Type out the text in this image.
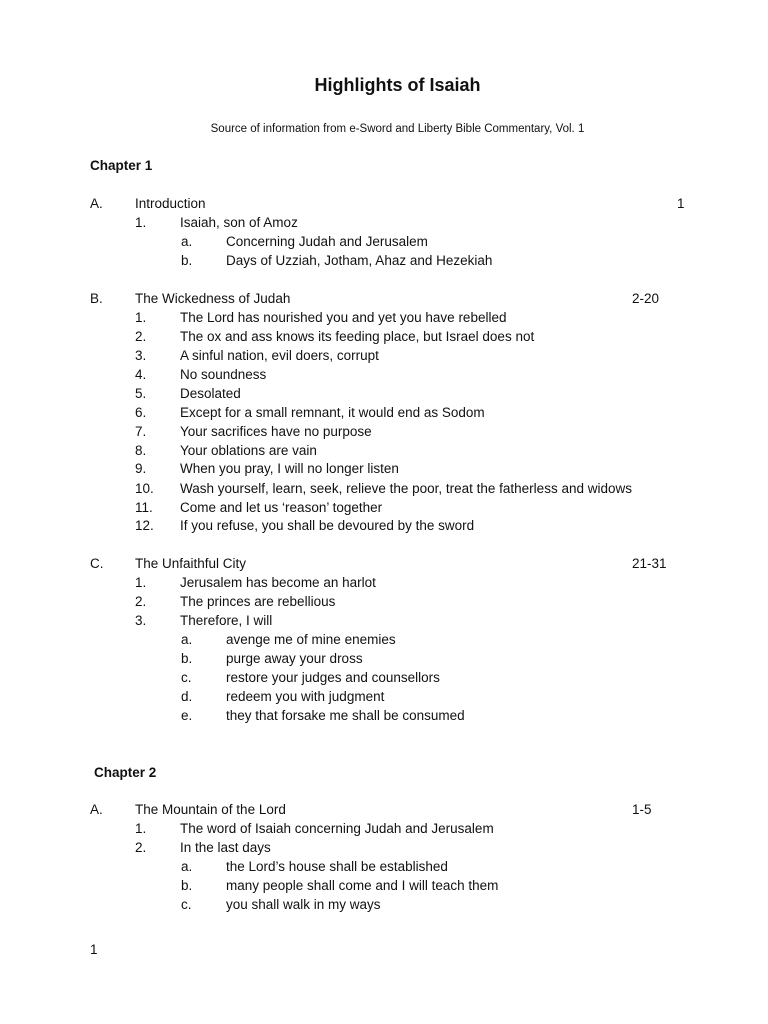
Highlights of Isaiah
Source of information from e-Sword and Liberty Bible Commentary, Vol. 1
Chapter 1
A. Introduction	1
1. Isaiah, son of Amoz
a. Concerning Judah and Jerusalem
b. Days of Uzziah, Jotham, Ahaz and Hezekiah
B. The Wickedness of Judah	2-20
1. The Lord has nourished you and yet you have rebelled
2. The ox and ass knows its feeding place, but Israel does not
3. A sinful nation, evil doers, corrupt
4. No soundness
5. Desolated
6. Except for a small remnant, it would end as Sodom
7. Your sacrifices have no purpose
8. Your oblations are vain
9. When you pray, I will no longer listen
10. Wash yourself, learn, seek, relieve the poor, treat the fatherless and widows
11. Come and let us ‘reason’ together
12. If you refuse, you shall be devoured by the sword
C. The Unfaithful City	21-31
1. Jerusalem has become an harlot
2. The princes are rebellious
3. Therefore, I will
a. avenge me of mine enemies
b. purge away your dross
c.	restore your judges and counsellors
d. redeem you with judgment
e. they that forsake me shall be consumed
Chapter 2
A. The Mountain of the Lord	1-5
1. The word of Isaiah concerning Judah and Jerusalem
2. In the last days
a. the Lord’s house shall be established
b. many people shall come and I will teach them
c.	you shall walk in my ways
1
